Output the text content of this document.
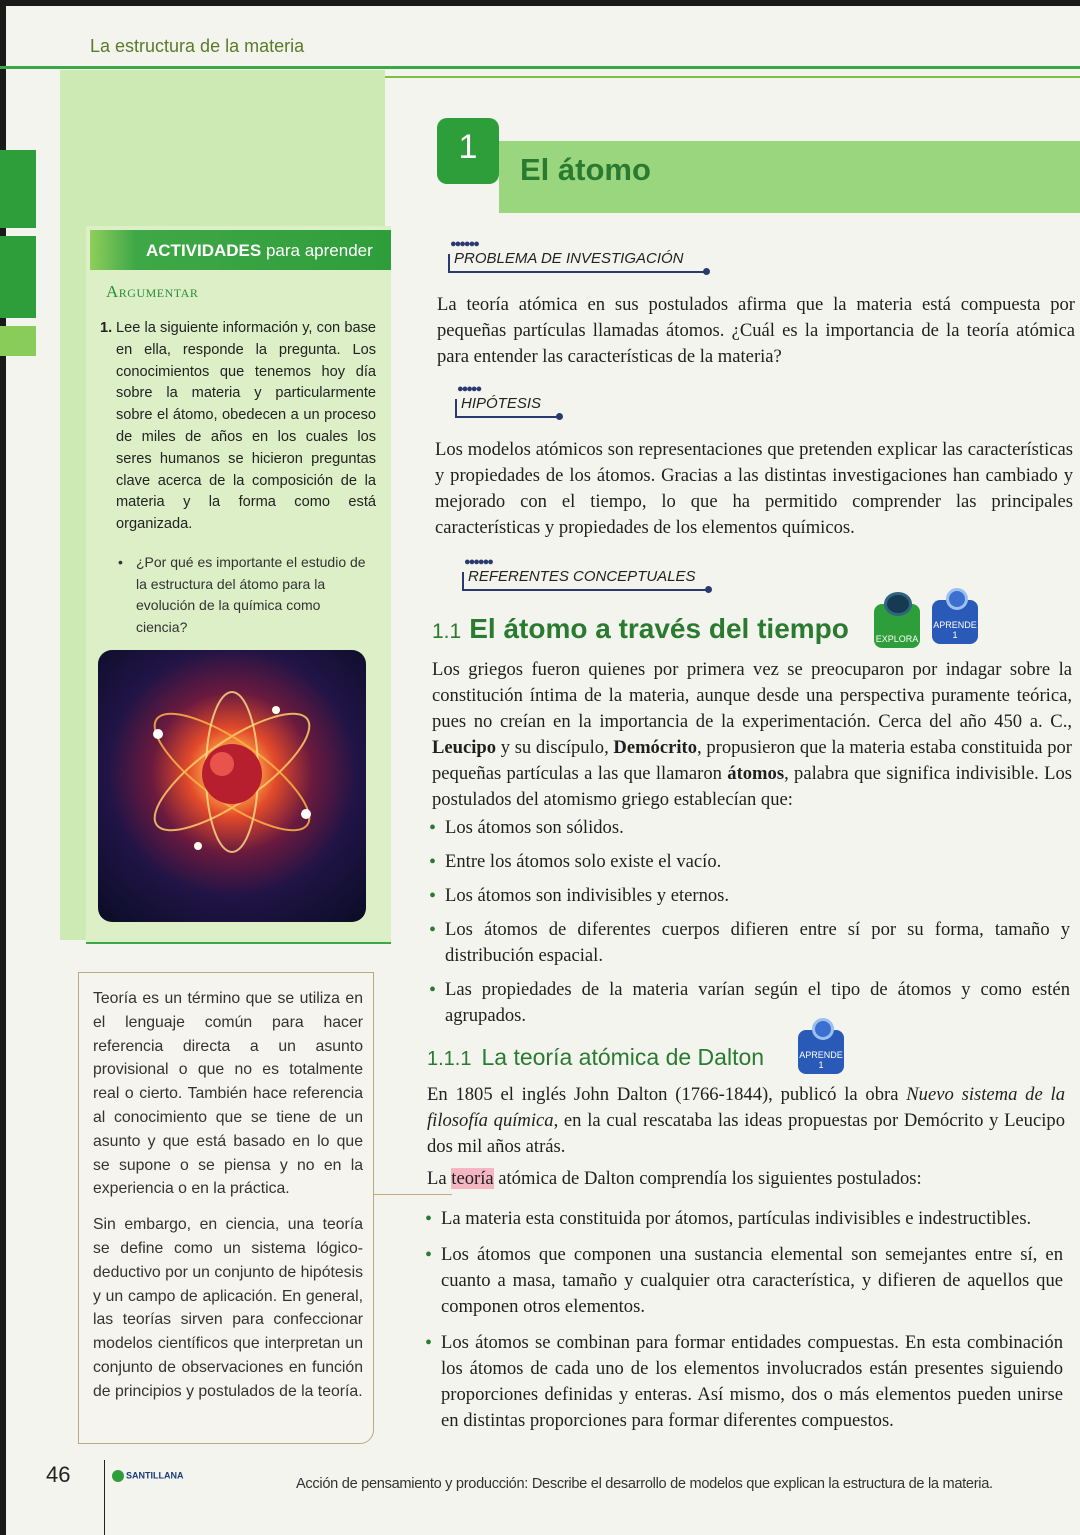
La estructura de la materia
ACTIVIDADES para aprender
Argumentar
1. Lee la siguiente información y, con base en ella, responde la pregunta. Los conocimientos que tenemos hoy día sobre la materia y particularmente sobre el átomo, obedecen a un proceso de miles de años en los cuales los seres humanos se hicieron preguntas clave acerca de la composición de la materia y la forma como está organizada.
• ¿Por qué es importante el estudio de la estructura del átomo para la evolución de la química como ciencia?

Teoría es un término que se utiliza en el lenguaje común para hacer referencia directa a un asunto provisional o que no es totalmente real o cierto. También hace referencia al conocimiento que se tiene de un asunto y que está basado en lo que se supone o se piensa y no en la experiencia o en la práctica.

Sin embargo, en ciencia, una teoría se define como un sistema lógico-deductivo por un conjunto de hipótesis y un campo de aplicación. En general, las teorías sirven para confeccionar modelos científicos que interpretan un conjunto de observaciones en función de principios y postulados de la teoría.

1
El átomo
●●●●●●
PROBLEMA DE INVESTIGACIÓN
La teoría atómica en sus postulados afirma que la materia está compuesta por pequeñas partículas llamadas átomos. ¿Cuál es la importancia de la teoría atómica para entender las características de la materia?
●●●●●
HIPÓTESIS
Los modelos atómicos son representaciones que pretenden explicar las características y propiedades de los átomos. Gracias a las distintas investigaciones han cambiado y mejorado con el tiempo, lo que ha permitido comprender las principales características y propiedades de los elementos químicos.
●●●●●●
REFERENTES CONCEPTUALES
1.1 El átomo a través del tiempo	EXPLORA
APRENDE 1
Los griegos fueron quienes por primera vez se preocuparon por indagar sobre la constitución íntima de la materia, aunque desde una perspectiva puramente teórica, pues no creían en la importancia de la experimentación. Cerca del año 450 a. C., Leucipo y su discípulo, Demócrito, propusieron que la materia estaba constituida por pequeñas partículas a las que llamaron átomos, palabra que significa indivisible. Los postulados del atomismo griego establecían que:
• Los átomos son sólidos.
• Entre los átomos solo existe el vacío.
• Los átomos son indivisibles y eternos.
• Los átomos de diferentes cuerpos difieren entre sí por su forma, tamaño y distribución espacial.
• Las propiedades de la materia varían según el tipo de átomos y como estén agrupados.
1.1.1 La teoría atómica de Dalton	APRENDE 1
En 1805 el inglés John Dalton (1766-1844), publicó la obra Nuevo sistema de la filosofía química, en la cual rescataba las ideas propuestas por Demócrito y Leucipo dos mil años atrás.
La teoría atómica de Dalton comprendía los siguientes postulados:
• La materia esta constituida por átomos, partículas indivisibles e indestructibles.
• Los átomos que componen una sustancia elemental son semejantes entre sí, en cuanto a masa, tamaño y cualquier otra característica, y difieren de aquellos que componen otros elementos.
• Los átomos se combinan para formar entidades compuestas. En esta combinación los átomos de cada uno de los elementos involucrados están presentes siguiendo proporciones definidas y enteras. Así mismo, dos o más elementos pueden unirse en distintas proporciones para formar diferentes compuestos.
46	SANTILLANA
Acción de pensamiento y producción: Describe el desarrollo de modelos que explican la estructura de la materia.
